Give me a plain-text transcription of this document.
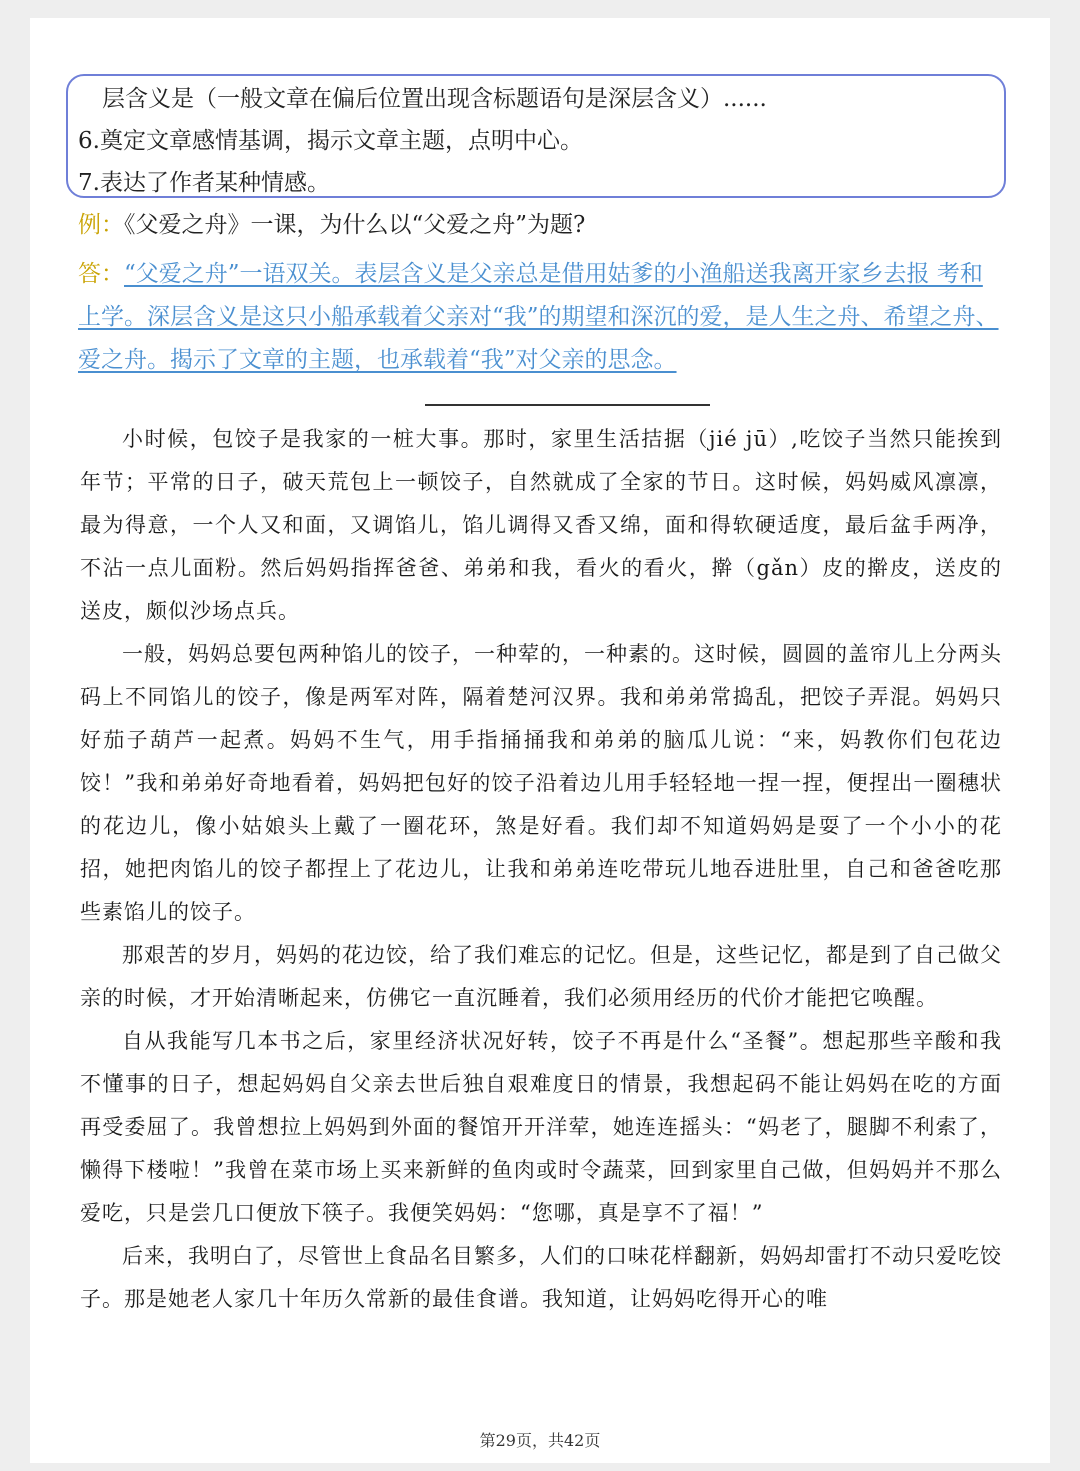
层含义是（一般文章在偏后位置出现含标题语句是深层含义）......
6.奠定文章感情基调，揭示文章主题，点明中心。
7.表达了作者某种情感。
例：《父爱之舟》一课，为什么以“父爱之舟”为题?
答：“父爱之舟”一语双关。表层含义是父亲总是借用姑爹的小渔船送我离开家乡去报 考和上学。深层含义是这只小船承载着父亲对“我”的期望和深沉的爱，是人生之舟、希望之舟、爱之舟。揭示了文章的主题，也承载着“我”对父亲的思念。

小时候，包饺子是我家的一桩大事。那时，家里生活拮据（jié jū）,吃饺子当然只能挨到年节；平常的日子，破天荒包上一顿饺子，自然就成了全家的节日。这时候，妈妈威风凛凛，最为得意，一个人又和面，又调馅儿，馅儿调得又香又绵，面和得软硬适度，最后盆手两净，不沾一点儿面粉。然后妈妈指挥爸爸、弟弟和我，看火的看火，擀（gǎn）皮的擀皮，送皮的送皮，颇似沙场点兵。

一般，妈妈总要包两种馅儿的饺子，一种荤的，一种素的。这时候，圆圆的盖帘儿上分两头码上不同馅儿的饺子，像是两军对阵，隔着楚河汉界。我和弟弟常捣乱，把饺子弄混。妈妈只好茄子葫芦一起煮。妈妈不生气，用手指捅捅我和弟弟的脑瓜儿说：“来，妈教你们包花边饺！”我和弟弟好奇地看着，妈妈把包好的饺子沿着边儿用手轻轻地一捏一捏，便捏出一圈穗状的花边儿，像小姑娘头上戴了一圈花环，煞是好看。我们却不知道妈妈是耍了一个小小的花招，她把肉馅儿的饺子都捏上了花边儿，让我和弟弟连吃带玩儿地吞进肚里，自己和爸爸吃那些素馅儿的饺子。

那艰苦的岁月，妈妈的花边饺，给了我们难忘的记忆。但是，这些记忆，都是到了自己做父亲的时候，才开始清晰起来，仿佛它一直沉睡着，我们必须用经历的代价才能把它唤醒。

自从我能写几本书之后，家里经济状况好转，饺子不再是什么“圣餐”。想起那些辛酸和我不懂事的日子，想起妈妈自父亲去世后独自艰难度日的情景，我想起码不能让妈妈在吃的方面再受委屈了。我曾想拉上妈妈到外面的餐馆开开洋荤，她连连摇头：“妈老了，腿脚不利索了，懒得下楼啦！”我曾在菜市场上买来新鲜的鱼肉或时令蔬菜，回到家里自己做，但妈妈并不那么爱吃，只是尝几口便放下筷子。我便笑妈妈：“您哪，真是享不了福！”

后来，我明白了，尽管世上食品名目繁多，人们的口味花样翻新，妈妈却雷打不动只爱吃饺子。那是她老人家几十年历久常新的最佳食谱。我知道，让妈妈吃得开心的唯

第29页，共42页
